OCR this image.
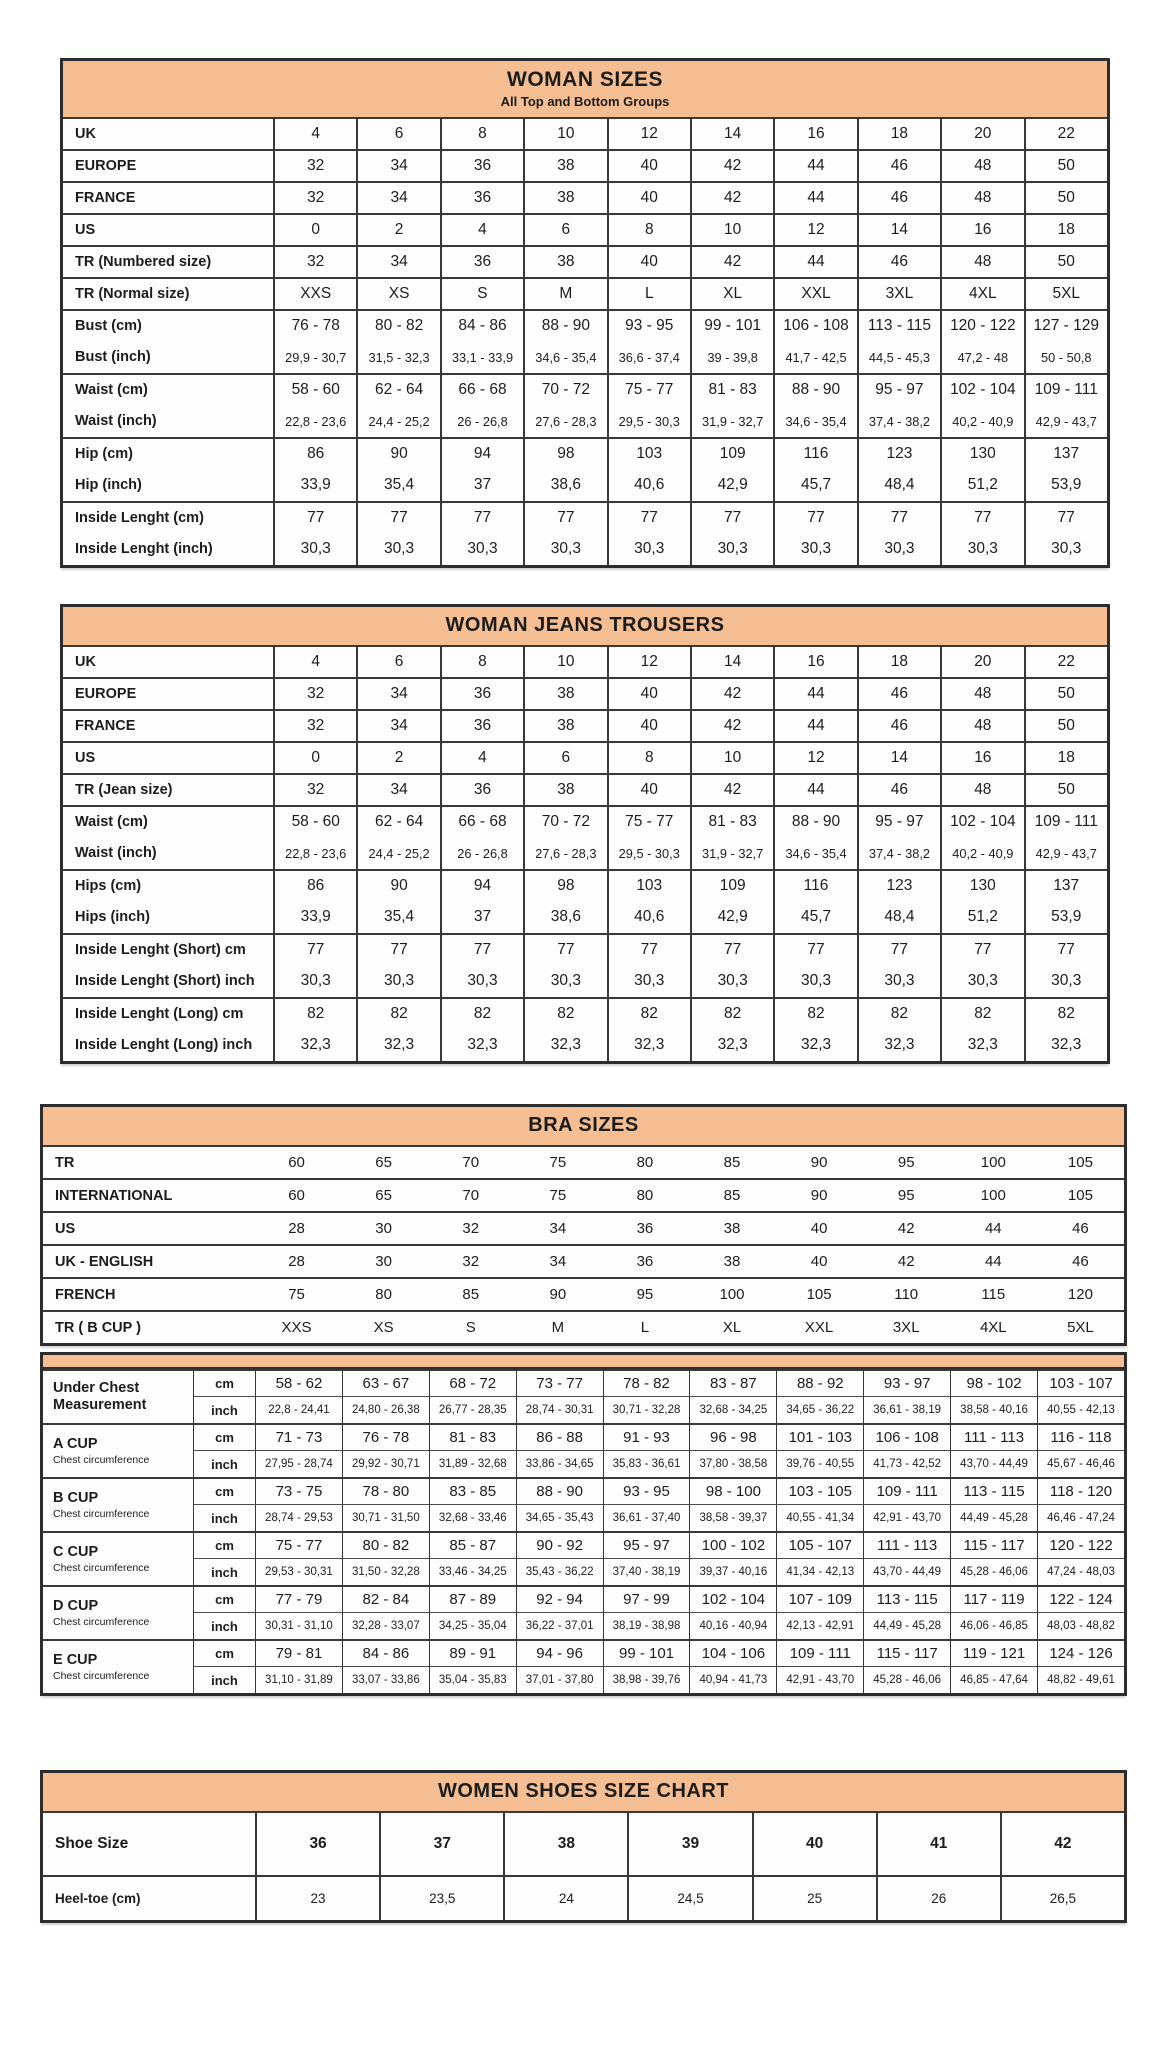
WOMAN SIZES
All Top and Bottom Groups										

UK	4	6	8	10	12	14	16	18	20	22
EUROPE	32	34	36	38	40	42	44	46	48	50
FRANCE	32	34	36	38	40	42	44	46	48	50
US	0	2	4	6	8	10	12	14	16	18
TR (Numbered size)	32	34	36	38	40	42	44	46	48	50
TR (Normal size)	XXS	XS	S	M	L	XL	XXL	3XL	4XL	5XL
Bust (cm)	76 - 78	80 - 82	84 - 86	88 - 90	93 - 95	99 - 101	106 - 108	113 - 115	120 - 122	127 - 129
Bust (inch)	29,9 - 30,7	31,5 - 32,3	33,1 - 33,9	34,6 - 35,4	36,6 - 37,4	39 - 39,8	41,7 - 42,5	44,5 - 45,3	47,2 - 48	50 - 50,8
Waist (cm)	58 - 60	62 - 64	66 - 68	70 - 72	75 - 77	81 - 83	88 - 90	95 - 97	102 - 104	109 - 111
Waist (inch)	22,8 - 23,6	24,4 - 25,2	26 - 26,8	27,6 - 28,3	29,5 - 30,3	31,9 - 32,7	34,6 - 35,4	37,4 - 38,2	40,2 - 40,9	42,9 - 43,7
Hip (cm)	86	90	94	98	103	109	116	123	130	137
Hip (inch)	33,9	35,4	37	38,6	40,6	42,9	45,7	48,4	51,2	53,9
Inside Lenght (cm)	77	77	77	77	77	77	77	77	77	77
Inside Lenght (inch)	30,3	30,3	30,3	30,3	30,3	30,3	30,3	30,3	30,3	30,3
WOMAN JEANS TROUSERS										

UK	4	6	8	10	12	14	16	18	20	22
EUROPE	32	34	36	38	40	42	44	46	48	50
FRANCE	32	34	36	38	40	42	44	46	48	50
US	0	2	4	6	8	10	12	14	16	18
TR (Jean size)	32	34	36	38	40	42	44	46	48	50
Waist (cm)	58 - 60	62 - 64	66 - 68	70 - 72	75 - 77	81 - 83	88 - 90	95 - 97	102 - 104	109 - 111
Waist (inch)	22,8 - 23,6	24,4 - 25,2	26 - 26,8	27,6 - 28,3	29,5 - 30,3	31,9 - 32,7	34,6 - 35,4	37,4 - 38,2	40,2 - 40,9	42,9 - 43,7
Hips (cm)	86	90	94	98	103	109	116	123	130	137
Hips (inch)	33,9	35,4	37	38,6	40,6	42,9	45,7	48,4	51,2	53,9
Inside Lenght (Short) cm	77	77	77	77	77	77	77	77	77	77
Inside Lenght (Short) inch	30,3	30,3	30,3	30,3	30,3	30,3	30,3	30,3	30,3	30,3
Inside Lenght (Long) cm	82	82	82	82	82	82	82	82	82	82
Inside Lenght (Long) inch	32,3	32,3	32,3	32,3	32,3	32,3	32,3	32,3	32,3	32,3
BRA SIZES										

TR	60	65	70	75	80	85	90	95	100	105
INTERNATIONAL	60	65	70	75	80	85	90	95	100	105
US	28	30	32	34	36	38	40	42	44	46
UK - ENGLISH	28	30	32	34	36	38	40	42	44	46
FRENCH	75	80	85	90	95	100	105	110	115	120
TR ( B CUP )	XXS	XS	S	M	L	XL	XXL	3XL	4XL	5XL

Under Chest Measurement	cm	58 - 62	63 - 67	68 - 72	73 - 77	78 - 82	83 - 87	88 - 92	93 - 97	98 - 102	103 - 107
	inch	22,8 - 24,41	24,80 - 26,38	26,77 - 28,35	28,74 - 30,31	30,71 - 32,28	32,68 - 34,25	34,65 - 36,22	36,61 - 38,19	38,58 - 40,16	40,55 - 42,13

A CUP
Chest circumference	cm	71 - 73	76 - 78	81 - 83	86 - 88	91 - 93	96 - 98	101 - 103	106 - 108	111 - 113	116 - 118
	inch	27,95 - 28,74	29,92 - 30,71	31,89 - 32,68	33,86 - 34,65	35,83 - 36,61	37,80 - 38,58	39,76 - 40,55	41,73 - 42,52	43,70 - 44,49	45,67 - 46,46

B CUP
Chest circumference	cm	73 - 75	78 - 80	83 - 85	88 - 90	93 - 95	98 - 100	103 - 105	109 - 111	113 - 115	118 - 120
	inch	28,74 - 29,53	30,71 - 31,50	32,68 - 33,46	34,65 - 35,43	36,61 - 37,40	38,58 - 39,37	40,55 - 41,34	42,91 - 43,70	44,49 - 45,28	46,46 - 47,24

C CUP
Chest circumference	cm	75 - 77	80 - 82	85 - 87	90 - 92	95 - 97	100 - 102	105 - 107	111 - 113	115 - 117	120 - 122
	inch	29,53 - 30,31	31,50 - 32,28	33,46 - 34,25	35,43 - 36,22	37,40 - 38,19	39,37 - 40,16	41,34 - 42,13	43,70 - 44,49	45,28 - 46,06	47,24 - 48,03

D CUP
Chest circumference	cm	77 - 79	82 - 84	87 - 89	92 - 94	97 - 99	102 - 104	107 - 109	113 - 115	117 - 119	122 - 124
	inch	30,31 - 31,10	32,28 - 33,07	34,25 - 35,04	36,22 - 37,01	38,19 - 38,98	40,16 - 40,94	42,13 - 42,91	44,49 - 45,28	46,06 - 46,85	48,03 - 48,82

E CUP
Chest circumference	cm	79 - 81	84 - 86	89 - 91	94 - 96	99 - 101	104 - 106	109 - 111	115 - 117	119 - 121	124 - 126
	inch	31,10 - 31,89	33,07 - 33,86	35,04 - 35,83	37,01 - 37,80	38,98 - 39,76	40,94 - 41,73	42,91 - 43,70	45,28 - 46,06	46,85 - 47,64	48,82 - 49,61
WOMEN SHOES SIZE CHART							

Shoe Size	36	37	38	39	40	41	42
Heel-toe (cm)	23	23,5	24	24,5	25	26	26,5
